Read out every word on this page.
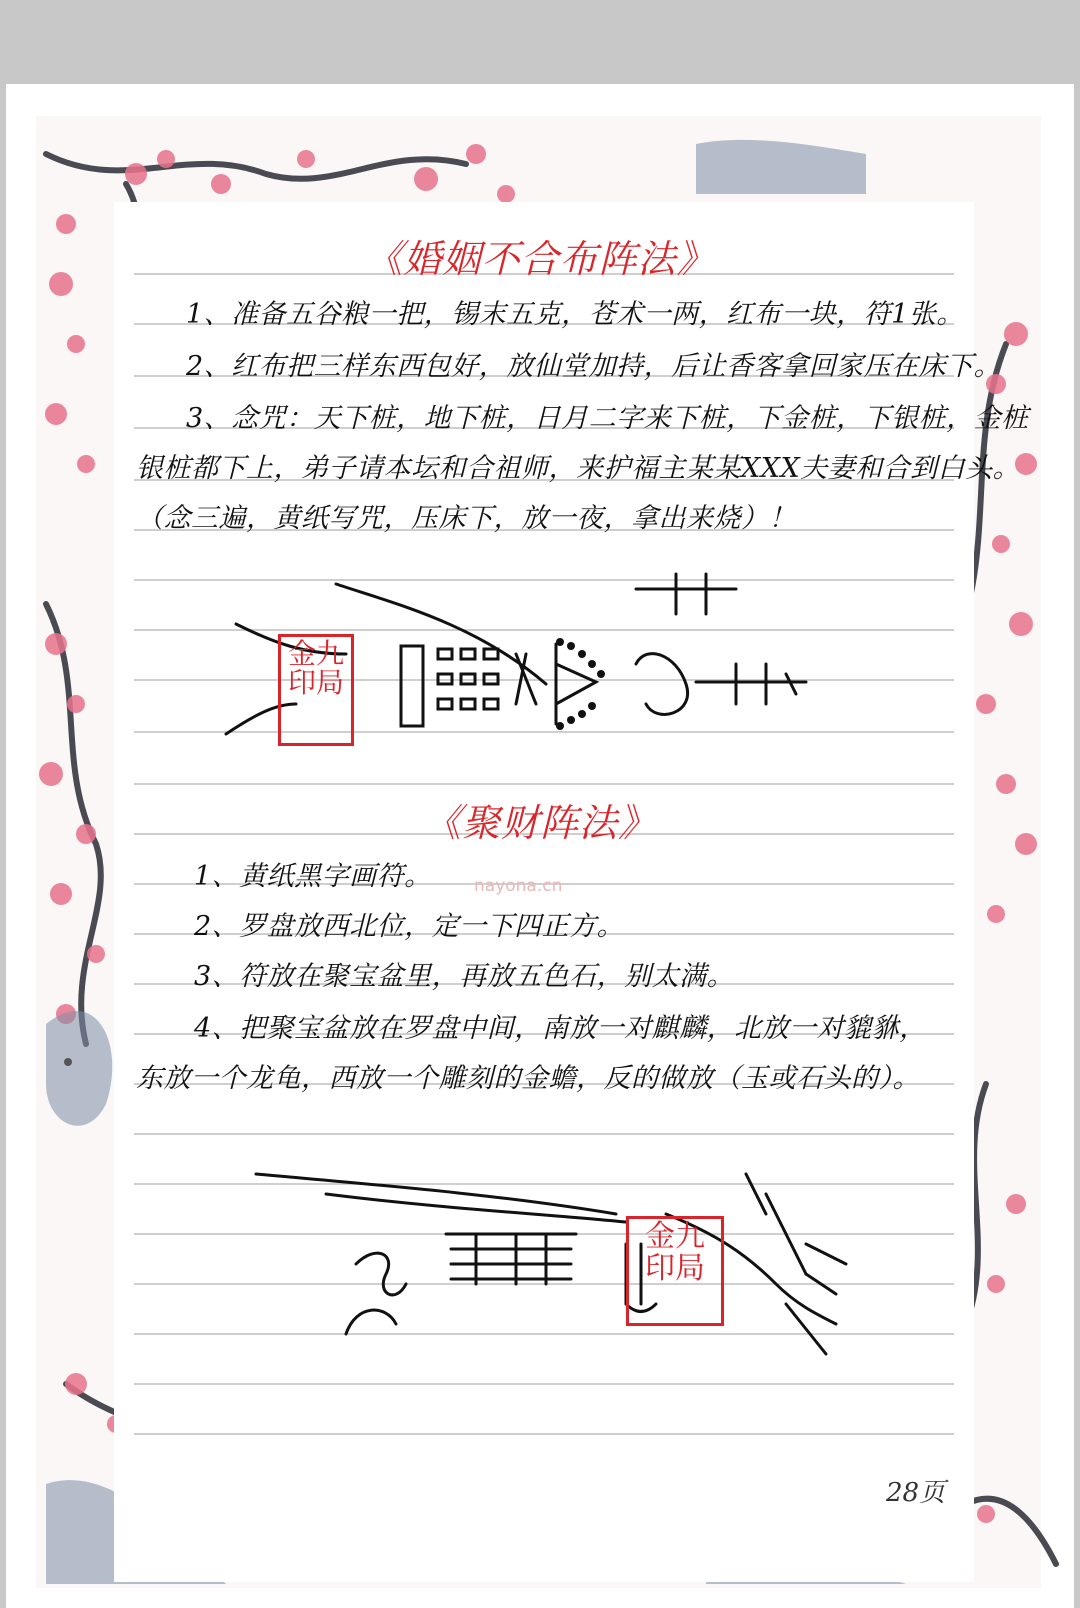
《婚姻不合布阵法》
1、准备五谷粮一把，锡末五克，苍术一两，红布一块，符1张。
2、红布把三样东西包好，放仙堂加持，后让香客拿回家压在床下。
3、念咒：天下桩，地下桩，日月二字来下桩，下金桩，下银桩，金桩
银桩都下上，弟子请本坛和合祖师，来护福主某某XXX夫妻和合到白头。
（念三遍，黄纸写咒，压床下，放一夜，拿出来烧）！
金九
印局
nayona.cn
《聚财阵法》
1、黄纸黑字画符。
2、罗盘放西北位，定一下四正方。
3、符放在聚宝盆里，再放五色石，别太满。
4、把聚宝盆放在罗盘中间，南放一对麒麟，北放一对貔貅，
东放一个龙龟，西放一个雕刻的金蟾，反的做放（玉或石头的）。
金九
印局
28页
